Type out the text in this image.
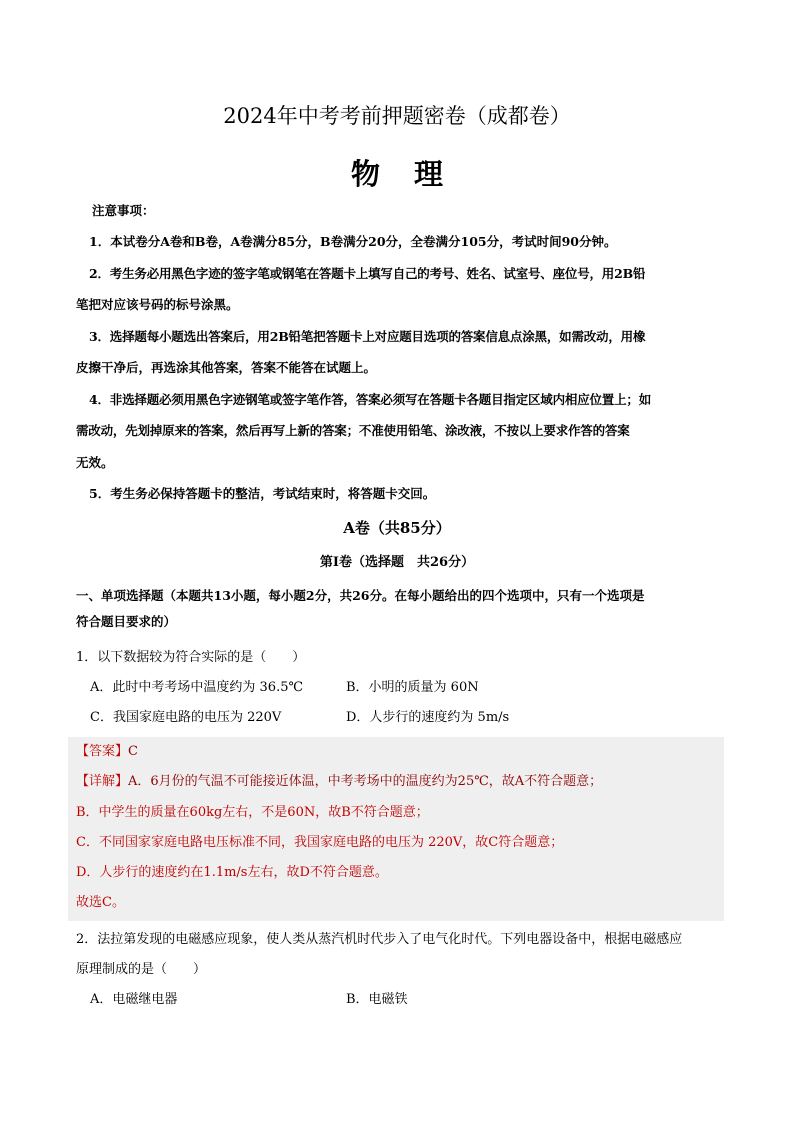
2024年中考考前押题密卷（成都卷）
物 理
注意事项：

1．本试卷分A卷和B卷，A卷满分85分，B卷满分20分，全卷满分105分，考试时间90分钟。

2．考生务必用黑色字迹的签字笔或钢笔在答题卡上填写自己的考号、姓名、试室号、座位号，用2B铅

笔把对应该号码的标号涂黑。

3．选择题每小题选出答案后，用2B铅笔把答题卡上对应题目选项的答案信息点涂黑，如需改动，用橡

皮擦干净后，再选涂其他答案，答案不能答在试题上。

4．非选择题必须用黑色字迹钢笔或签字笔作答，答案必须写在答题卡各题目指定区域内相应位置上；如

需改动，先划掉原来的答案，然后再写上新的答案；不准使用铅笔、涂改液，不按以上要求作答的答案

无效。

5．考生务必保持答题卡的整洁，考试结束时，将答题卡交回。

A卷（共85分）
第I卷（选择题　共26分）
一、单项选择题（本题共13小题，每小题2分，共26分。在每小题给出的四个选项中，只有一个选项是
符合题目要求的）
1．以下数据较为符合实际的是（　　）
A．此时中考考场中温度约为 36.5℃	B．小明的质量为 60N
C．我国家庭电路的电压为 220V	D．人步行的速度约为 5m/s

【答案】C

【详解】A．6月份的气温不可能接近体温，中考考场中的温度约为25℃，故A不符合题意；

B．中学生的质量在60kg左右，不是60N，故B不符合题意；

C．不同国家家庭电路电压标准不同，我国家庭电路的电压为 220V，故C符合题意；

D．人步行的速度约在1.1m/s左右，故D不符合题意。

故选C。

2．法拉第发现的电磁感应现象，使人类从蒸汽机时代步入了电气化时代。下列电器设备中，根据电磁感应
原理制成的是（　　）
A．电磁继电器	B．电磁铁
